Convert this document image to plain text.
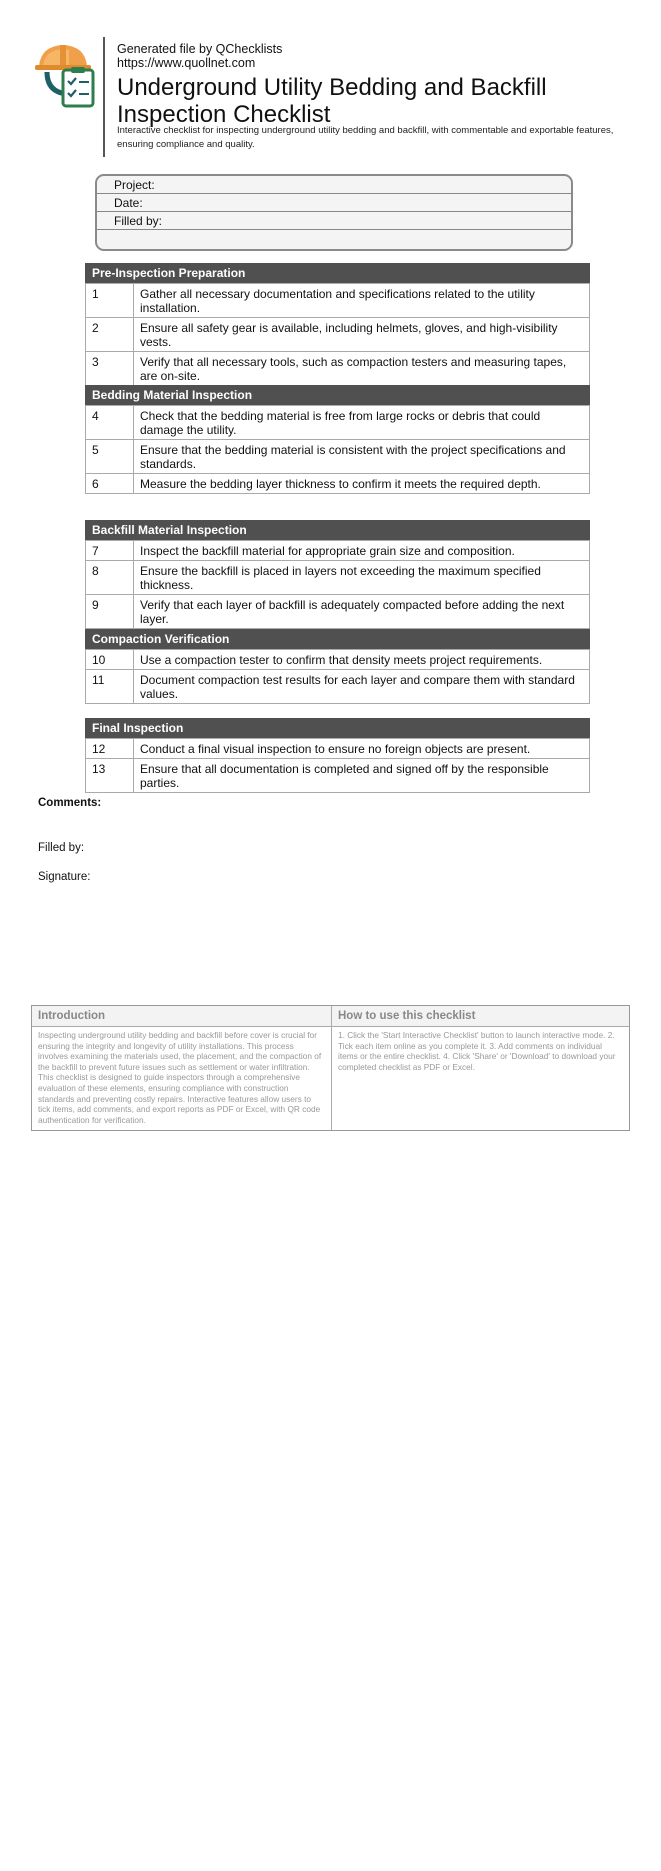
Generated file by QChecklists
https://www.quollnet.com
Underground Utility Bedding and Backfill Inspection Checklist
Interactive checklist for inspecting underground utility bedding and backfill, with commentable and exportable features, ensuring compliance and quality.
Project:
Date:
Filled by:
Pre-Inspection Preparation
1	Gather all necessary documentation and specifications related to the utility installation.
2	Ensure all safety gear is available, including helmets, gloves, and high-visibility vests.
3	Verify that all necessary tools, such as compaction testers and measuring tapes, are on-site.
Bedding Material Inspection
4	Check that the bedding material is free from large rocks or debris that could damage the utility.
5	Ensure that the bedding material is consistent with the project specifications and standards.
6	Measure the bedding layer thickness to confirm it meets the required depth.
Backfill Material Inspection
7	Inspect the backfill material for appropriate grain size and composition.
8	Ensure the backfill is placed in layers not exceeding the maximum specified thickness.
9	Verify that each layer of backfill is adequately compacted before adding the next layer.
Compaction Verification
10	Use a compaction tester to confirm that density meets project requirements.
11	Document compaction test results for each layer and compare them with standard values.
Final Inspection
12	Conduct a final visual inspection to ensure no foreign objects are present.
13	Ensure that all documentation is completed and signed off by the responsible parties.
Comments:
Filled by:
Signature:
Introduction
Inspecting underground utility bedding and backfill before cover is crucial for ensuring the integrity and longevity of utility installations. This process involves examining the materials used, the placement, and the compaction of the backfill to prevent future issues such as settlement or water infiltration. This checklist is designed to guide inspectors through a comprehensive evaluation of these elements, ensuring compliance with construction standards and preventing costly repairs. Interactive features allow users to tick items, add comments, and export reports as PDF or Excel, with QR code authentication for verification.
How to use this checklist
1. Click the 'Start Interactive Checklist' button to launch interactive mode. 2. Tick each item online as you complete it. 3. Add comments on individual items or the entire checklist. 4. Click 'Share' or 'Download' to download your completed checklist as PDF or Excel.
